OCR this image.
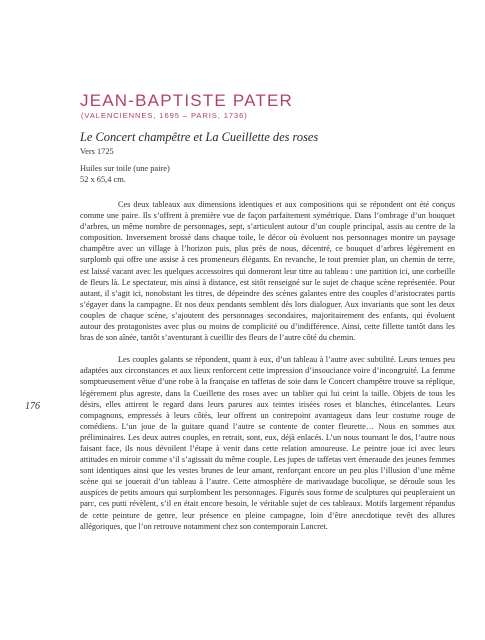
JEAN-BAPTISTE PATER
(VALENCIENNES, 1695 – PARIS, 1736)
Le Concert champêtre et La Cueillette des roses
Vers 1725
Huiles sur toile (une paire)
52 x 65,4 cm.

Ces deux tableaux aux dimensions identiques et aux compositions qui se répondent ont été conçus comme une paire. Ils s’offrent à première vue de façon parfaitement symétrique. Dans l’ombrage d’un bouquet d’arbres, un même nombre de personnages, sept, s’articulent autour d’un couple principal, assis au centre de la composition. Inversement brossé dans chaque toile, le décor où évoluent nos personnages montre un paysage champêtre avec un village à l’horizon puis, plus près de nous, décentré, ce bouquet d’arbres légèrement en surplomb qui offre une assise à ces promeneurs élégants. En revanche, le tout premier plan, un chemin de terre, est laissé vacant avec les quelques accessoires qui donneront leur titre au tableau : une partition ici, une corbeille de fleurs là. Le spectateur, mis ainsi à distance, est sitôt renseigné sur le sujet de chaque scène représentée. Pour autant, il s’agit ici, nonobstant les titres, de dépeindre des scènes galantes entre des couples d’aristocrates partis s’égayer dans la campagne. Et nos deux pendants semblent dès lors dialoguer. Aux invariants que sont les deux couples de chaque scène, s’ajoutent des personnages secondaires, majoritairement des enfants, qui évoluent autour des protagonistes avec plus ou moins de complicité ou d’indifférence. Ainsi, cette fillette tantôt dans les bras de son aînée, tantôt s’aventurant à cueillir des fleurs de l’autre côté du chemin.

Les couples galants se répondent, quant à eux, d’un tableau à l’autre avec subtilité. Leurs tenues peu adaptées aux circonstances et aux lieux renforcent cette impression d’insouciance voire d’incongruité. La femme somptueusement vêtue d’une robe à la française en taffetas de soie dans le Concert champêtre trouve sa réplique, légèrement plus agreste, dans la Cueillette des roses avec un tablier qui lui ceint la taille. Objets de tous les désirs, elles attirent le regard dans leurs parures aux teintes irisées roses et blanches, étincelantes. Leurs compagnons, empressés à leurs côtés, leur offrent un contrepoint avantageux dans leur costume rouge de comédiens. L’un joue de la guitare quand l’autre se contente de conter fleurette… Nous en sommes aux préliminaires. Les deux autres couples, en retrait, sont, eux, déjà enlacés. L’un nous tournant le dos, l’autre nous faisant face, ils nous dévoilent l’étape à venir dans cette relation amoureuse. Le peintre joue ici avec leurs attitudes en miroir comme s’il s’agissait du même couple. Les jupes de taffetas vert émeraude des jeunes femmes sont identiques ainsi que les vestes brunes de leur amant, renforçant encore un peu plus l’illusion d’une même scène qui se jouerait d’un tableau à l’autre. Cette atmosphère de marivaudage bucolique, se déroule sous les auspices de petits amours qui surplombent les personnages. Figurés sous forme de sculptures qui peupleraient un parc, ces putti révèlent, s’il en était encore besoin, le véritable sujet de ces tableaux. Motifs largement répandus de cette peinture de genre, leur présence en pleine campagne, loin d’être anecdotique revêt des allures allégoriques, que l’on retrouve notamment chez son contemporain Lancret.

176
